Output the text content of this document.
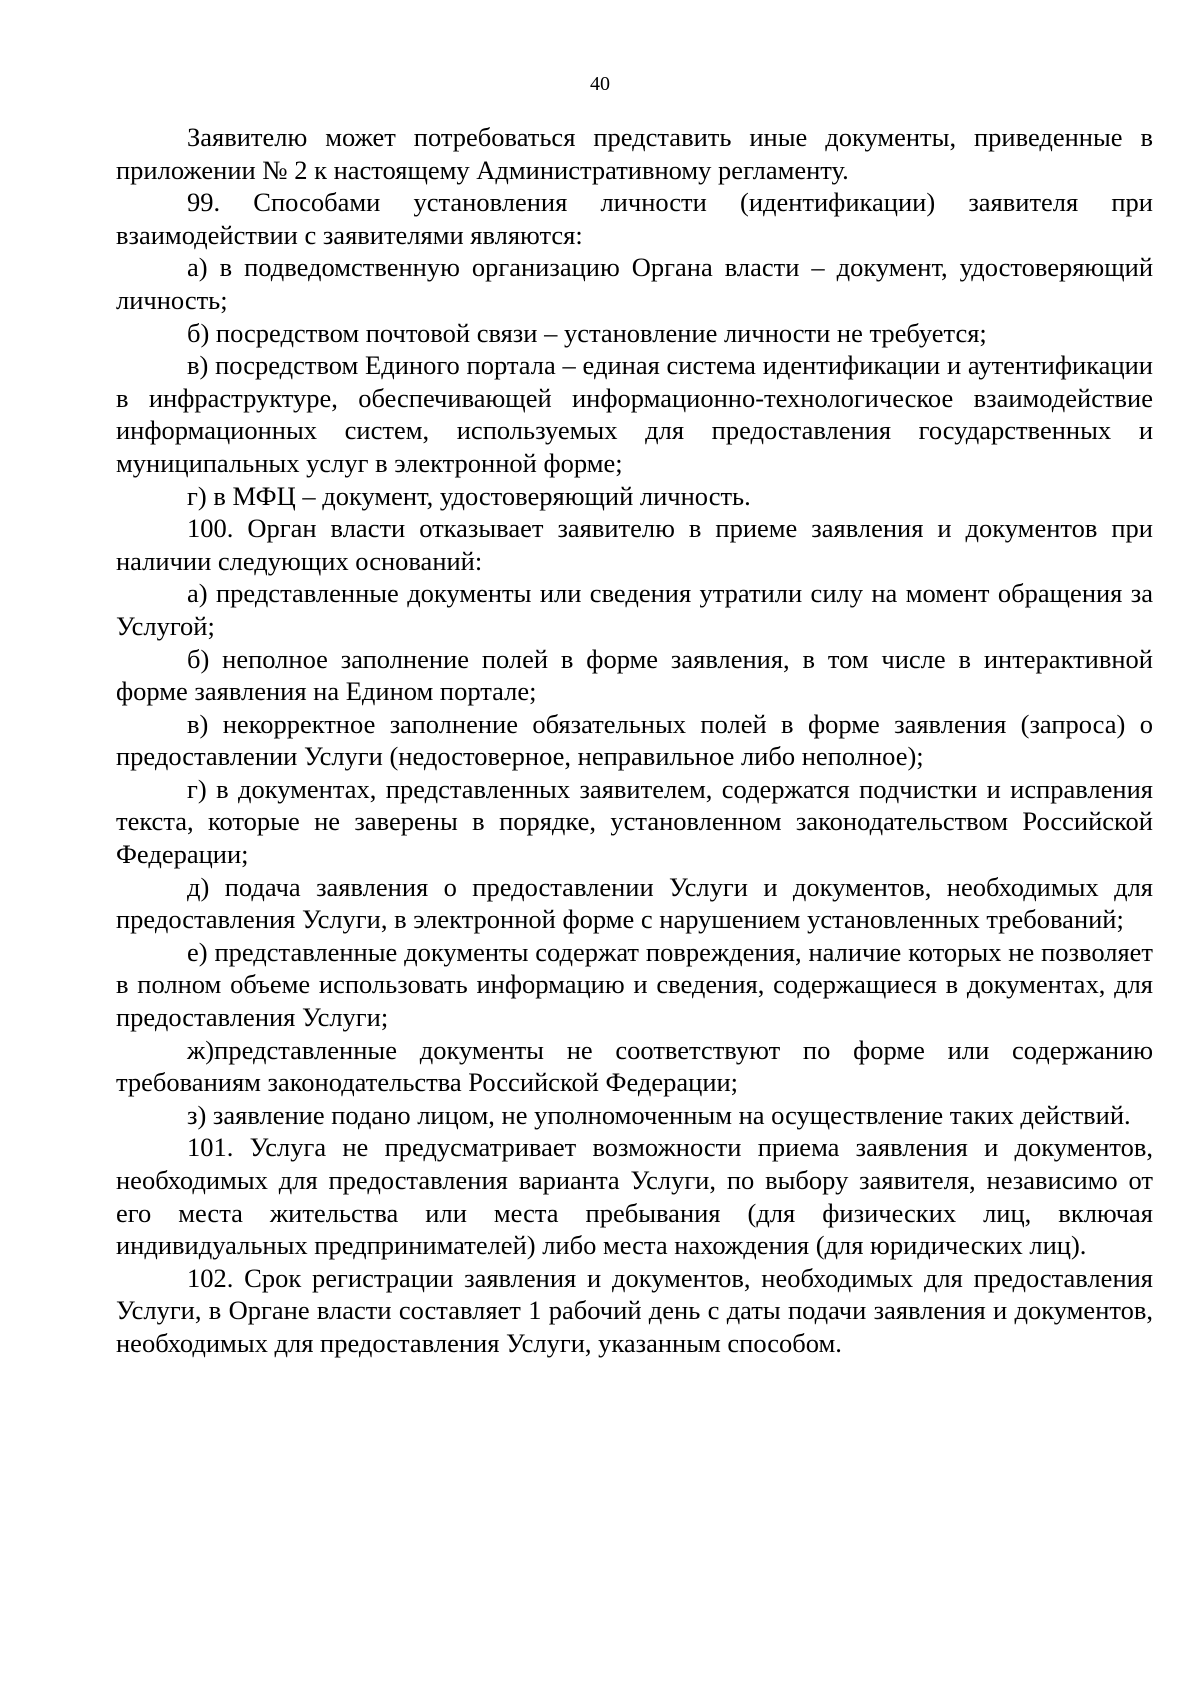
40

Заявителю может потребоваться представить иные документы, приведенные в приложении № 2 к настоящему Административному регламенту.

99. Способами установления личности (идентификации) заявителя при взаимодействии с заявителями являются:

а) в подведомственную организацию Органа власти – документ, удостоверяющий личность;

б) посредством почтовой связи – установление личности не требуется;

в) посредством Единого портала – единая система идентификации и аутентификации в инфраструктуре, обеспечивающей информационно-технологическое взаимодействие информационных систем, используемых для предоставления государственных и муниципальных услуг в электронной форме;

г) в МФЦ – документ, удостоверяющий личность.

100. Орган власти отказывает заявителю в приеме заявления и документов при наличии следующих оснований:

а) представленные документы или сведения утратили силу на момент обращения за Услугой;

б) неполное заполнение полей в форме заявления, в том числе в интерактивной форме заявления на Едином портале;

в) некорректное заполнение обязательных полей в форме заявления (запроса) о предоставлении Услуги (недостоверное, неправильное либо неполное);

г) в документах, представленных заявителем, содержатся подчистки и исправления текста, которые не заверены в порядке, установленном законодательством Российской Федерации;

д) подача заявления о предоставлении Услуги и документов, необходимых для предоставления Услуги, в электронной форме с нарушением установленных требований;

е) представленные документы содержат повреждения, наличие которых не позволяет в полном объеме использовать информацию и сведения, содержащиеся в документах, для предоставления Услуги;

ж)представленные документы не соответствуют по форме или содержанию требованиям законодательства Российской Федерации;

з) заявление подано лицом, не уполномоченным на осуществление таких действий.

101. Услуга не предусматривает возможности приема заявления и документов, необходимых для предоставления варианта Услуги, по выбору заявителя, независимо от его места жительства или места пребывания (для физических лиц, включая индивидуальных предпринимателей) либо места нахождения (для юридических лиц).

102. Срок регистрации заявления и документов, необходимых для предоставления Услуги, в Органе власти составляет 1 рабочий день с даты подачи заявления и документов, необходимых для предоставления Услуги, указанным способом.
